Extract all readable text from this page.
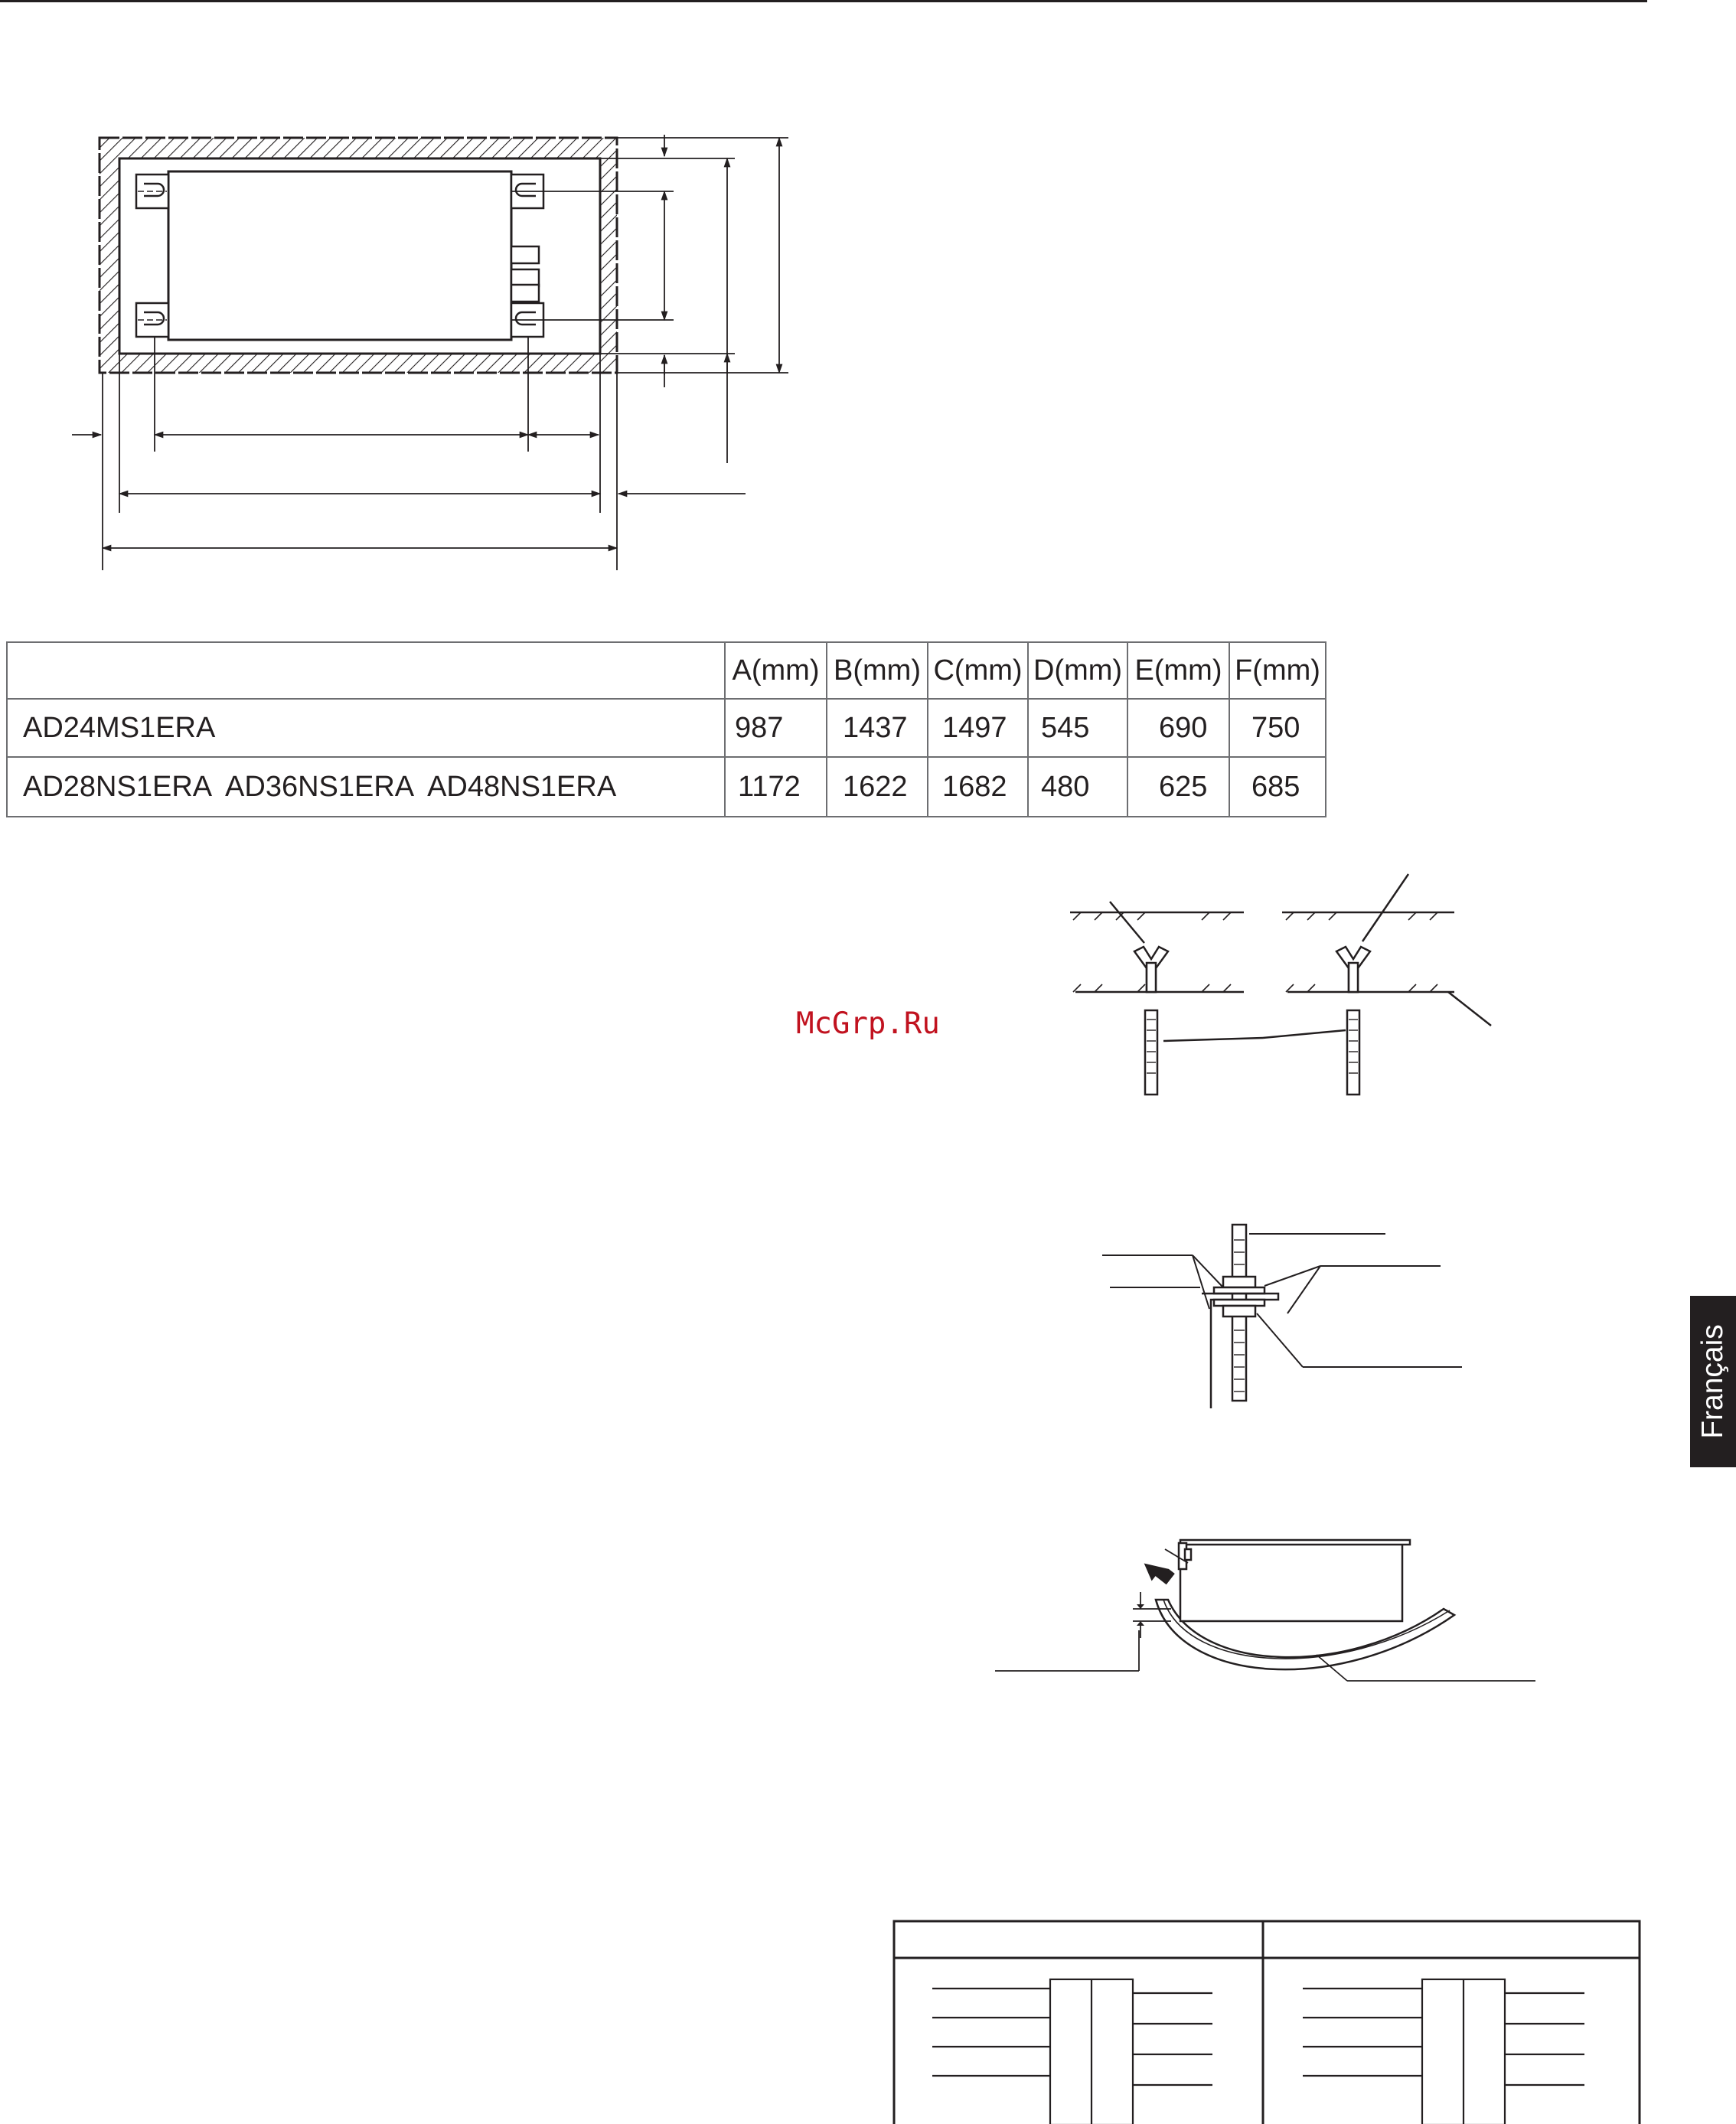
	A(mm)	B(mm)	C(mm)	D(mm)	E(mm)	F(mm)
AD24MS1ERA	987	1437	1497	545	690	750
AD28NS1ERA  AD36NS1ERA  AD48NS1ERA	1172	1622	1682	480	625	685
McGrp.Ru
Français
